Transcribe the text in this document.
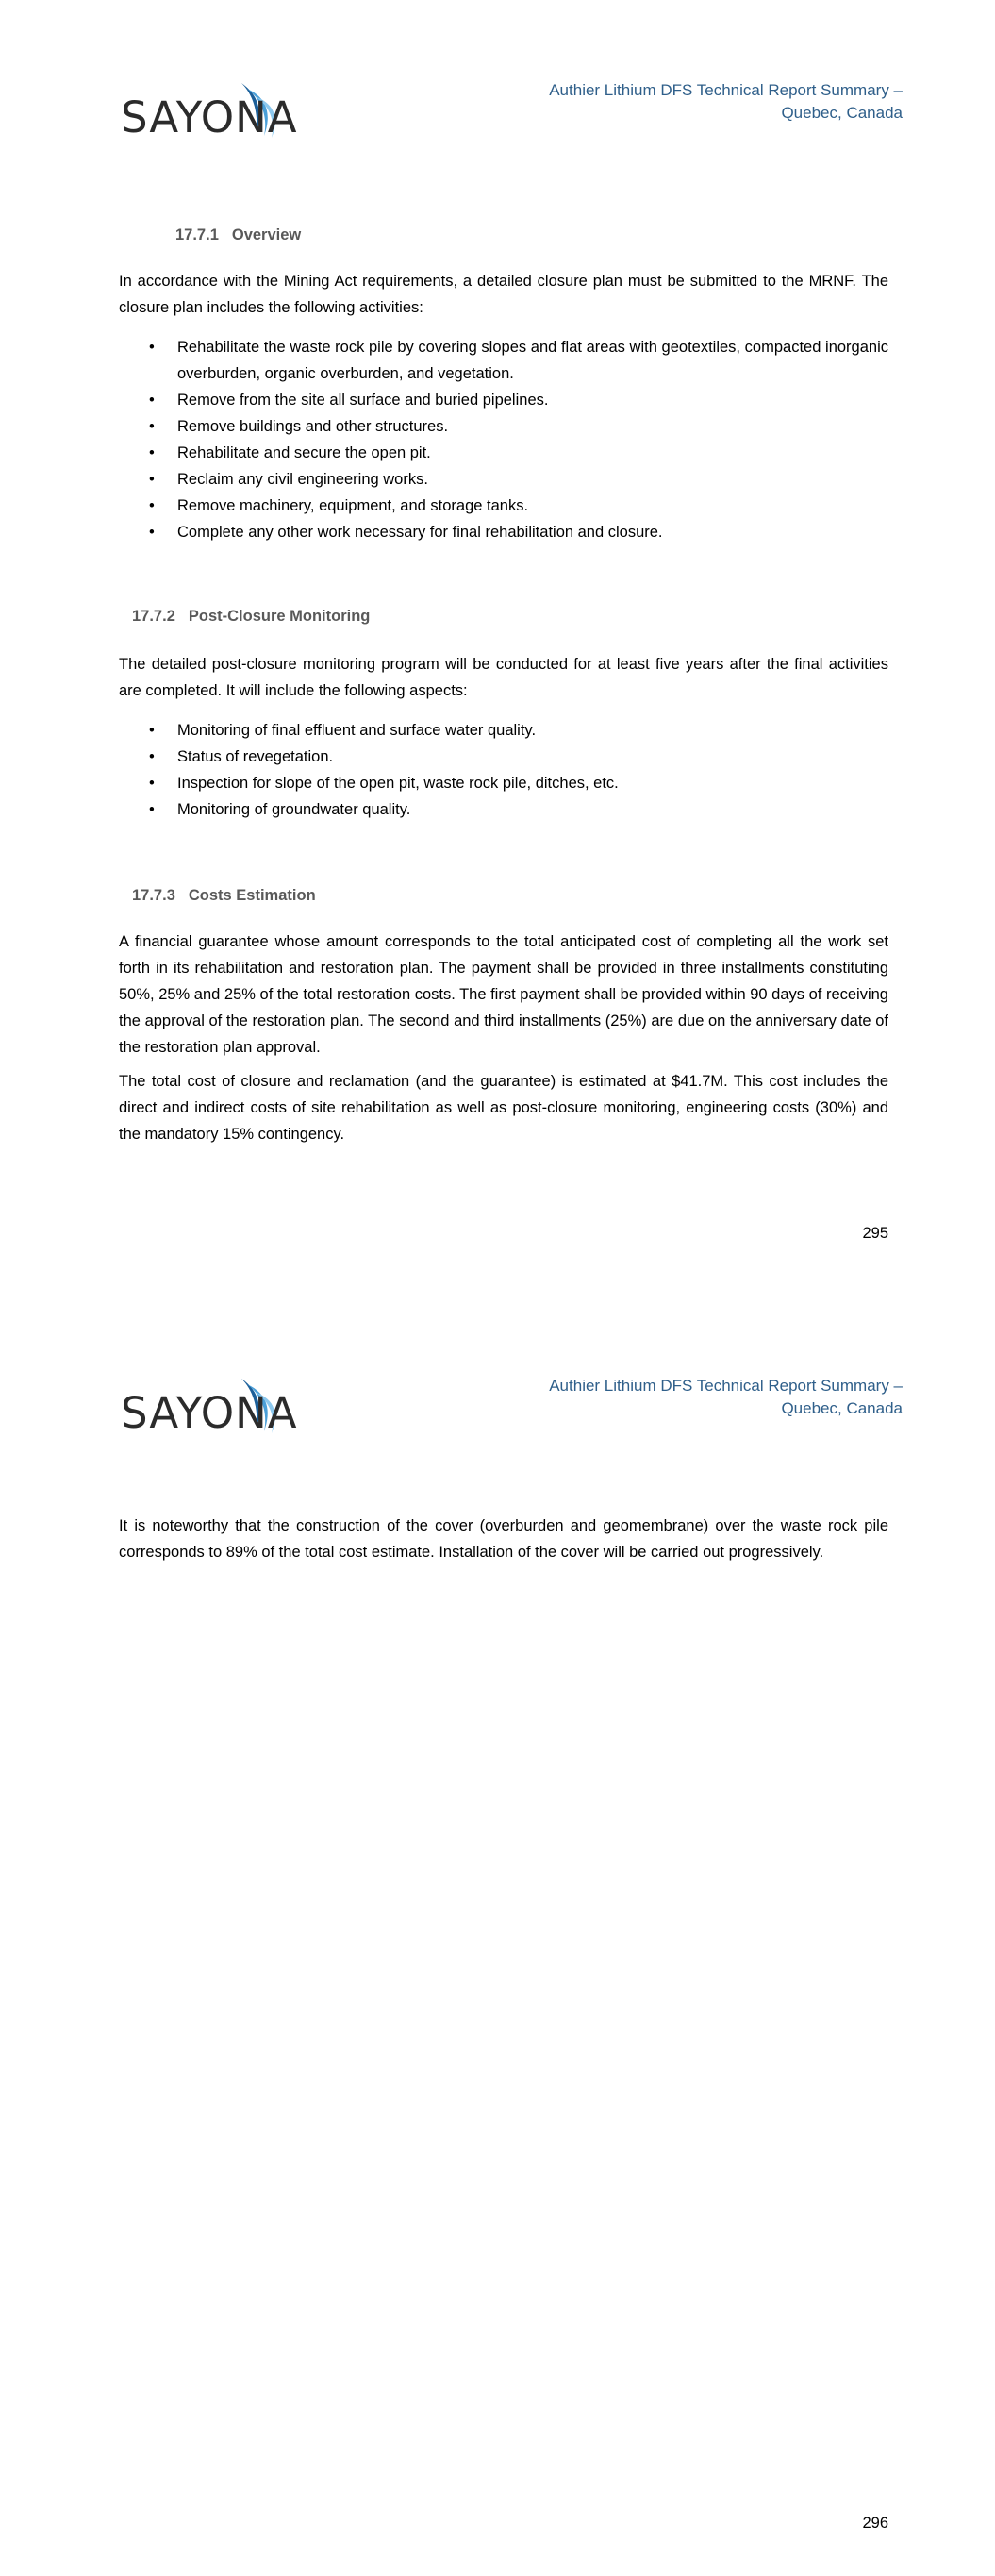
SAYONA
Authier Lithium DFS Technical Report Summary –
Quebec, Canada
17.7.1 Overview
In accordance with the Mining Act requirements, a detailed closure plan must be submitted to the MRNF. The closure plan includes the following activities:
• Rehabilitate the waste rock pile by covering slopes and flat areas with geotextiles, compacted inorganic overburden, organic overburden, and vegetation.
• Remove from the site all surface and buried pipelines.
• Remove buildings and other structures.
• Rehabilitate and secure the open pit.
• Reclaim any civil engineering works.
• Remove machinery, equipment, and storage tanks.
• Complete any other work necessary for final rehabilitation and closure.
17.7.2 Post-Closure Monitoring
The detailed post-closure monitoring program will be conducted for at least five years after the final activities are completed. It will include the following aspects:
• Monitoring of final effluent and surface water quality.
• Status of revegetation.
• Inspection for slope of the open pit, waste rock pile, ditches, etc.
• Monitoring of groundwater quality.
17.7.3 Costs Estimation
A financial guarantee whose amount corresponds to the total anticipated cost of completing all the work set forth in its rehabilitation and restoration plan. The payment shall be provided in three installments constituting 50%, 25% and 25% of the total restoration costs. The first payment shall be provided within 90 days of receiving the approval of the restoration plan. The second and third installments (25%) are due on the anniversary date of the restoration plan approval.
The total cost of closure and reclamation (and the guarantee) is estimated at $41.7M. This cost includes the direct and indirect costs of site rehabilitation as well as post-closure monitoring, engineering costs (30%) and the mandatory 15% contingency.
295
SAYONA
Authier Lithium DFS Technical Report Summary –
Quebec, Canada
It is noteworthy that the construction of the cover (overburden and geomembrane) over the waste rock pile corresponds to 89% of the total cost estimate. Installation of the cover will be carried out progressively.
296
